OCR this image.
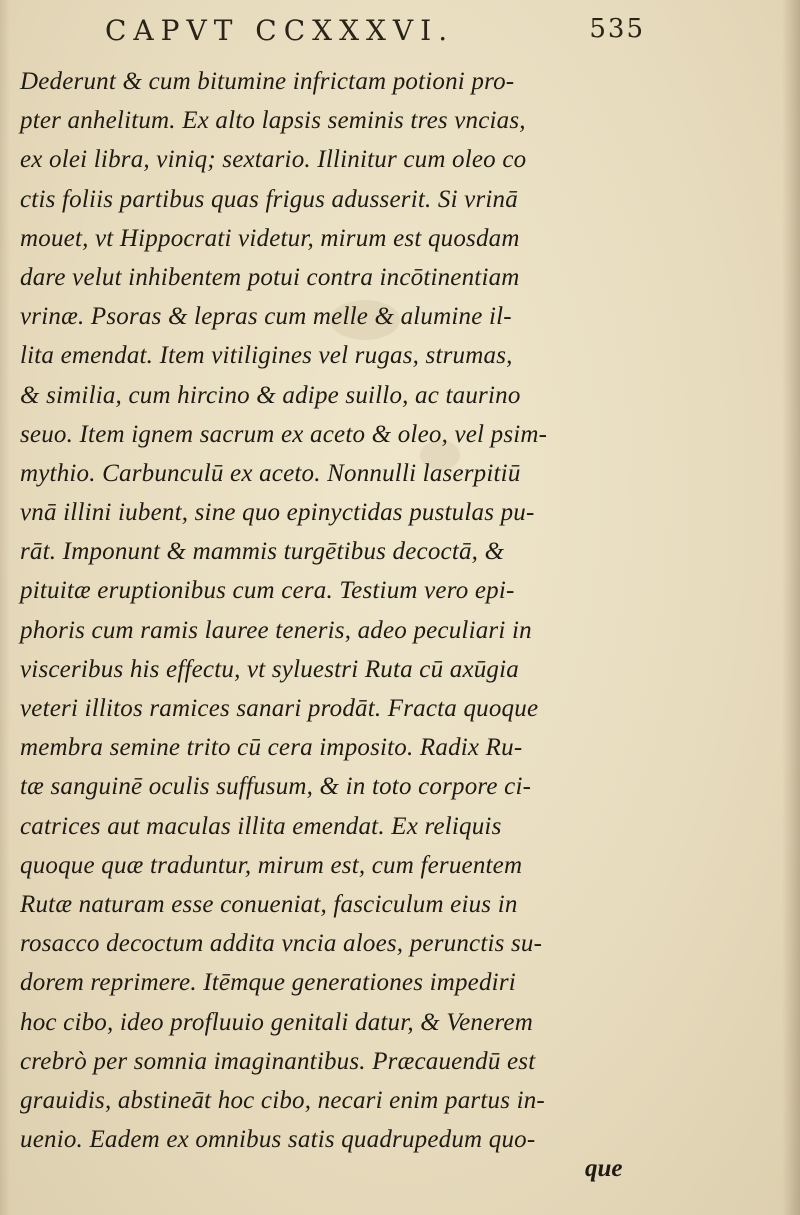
CAPVT CCXXXVI.	535
Dederunt & cum bitumine infrictam potioni pro-
pter anhelitum. Ex alto lapsis seminis tres vncias,
ex olei libra, viniq; sextario. Illinitur cum oleo co
ctis foliis partibus quas frigus adusserit. Si vrinā
mouet, vt Hippocrati videtur, mirum est quosdam
dare velut inhibentem potui contra incōtinentiam
vrinæ. Psoras & lepras cum melle & alumine il-
lita emendat. Item vitiligines vel rugas, strumas,
& similia, cum hircino & adipe suillo, ac taurino
seuo. Item ignem sacrum ex aceto & oleo, vel psim-
mythio. Carbunculū ex aceto. Nonnulli laserpitiū
vnā illini iubent, sine quo epinyctidas pustulas pu-
rāt. Imponunt & mammis turgētibus decoctā, &
pituitæ eruptionibus cum cera. Testium vero epi-
phoris cum ramis lauree teneris, adeo peculiari in
visceribus his effectu, vt syluestri Ruta cū axūgia
veteri illitos ramices sanari prodāt. Fracta quoque
membra semine trito cū cera imposito. Radix Ru-
tæ sanguinē oculis suffusum, & in toto corpore ci-
catrices aut maculas illita emendat. Ex reliquis
quoque quæ traduntur, mirum est, cum feruentem
Rutæ naturam esse conueniat, fasciculum eius in
rosacco decoctum addita vncia aloes, perunctis su-
dorem reprimere. Itēmque generationes impediri
hoc cibo, ideo profluuio genitali datur, & Venerem
crebrò per somnia imaginantibus. Præcauendū est
grauidis, abstineāt hoc cibo, necari enim partus in-
uenio. Eadem ex omnibus satis quadrupedum quo-
que
